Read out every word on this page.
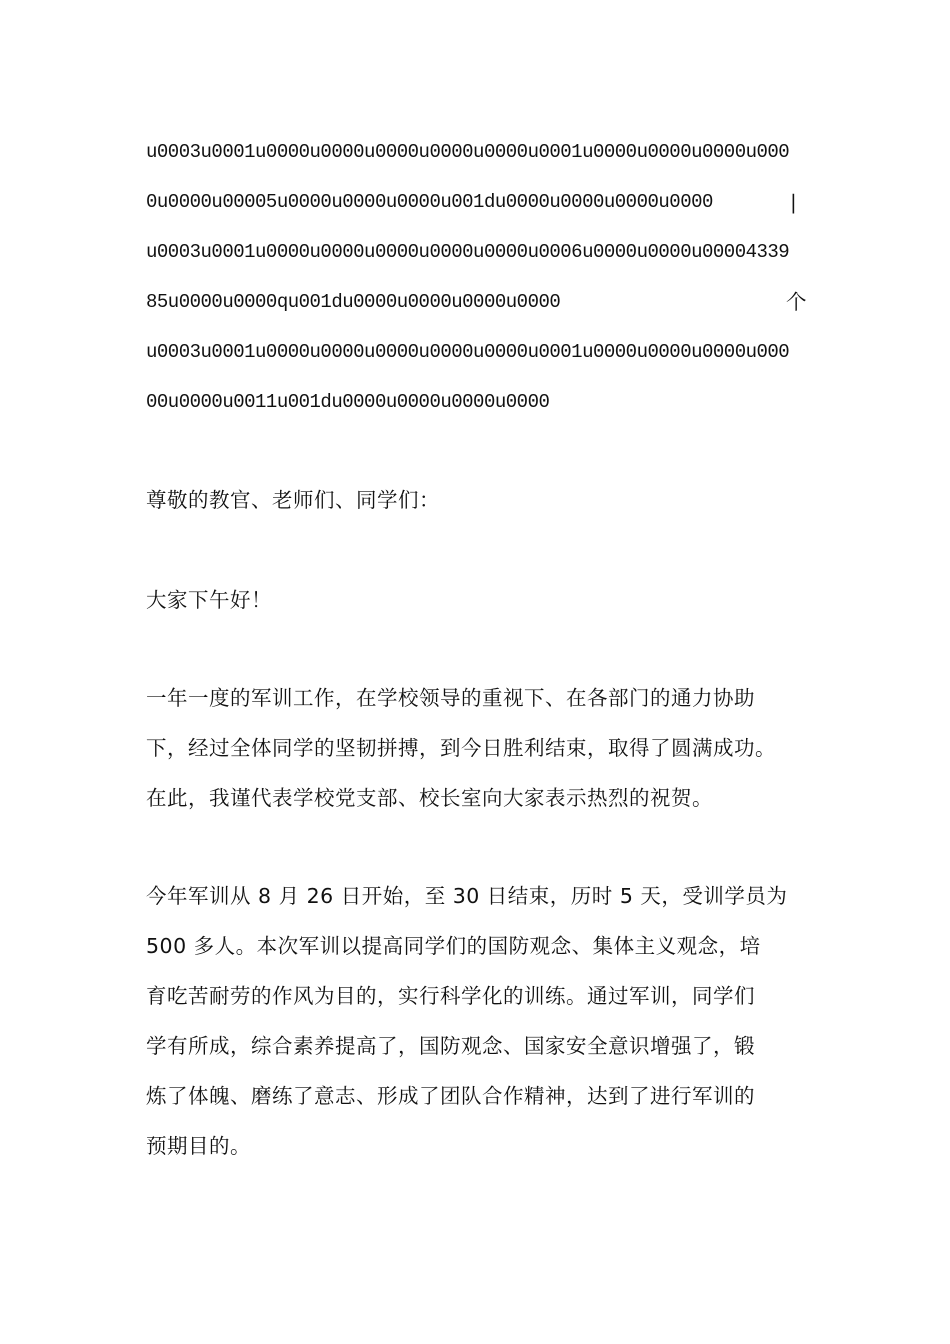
u0003u0001u0000u0000u0000u0000u0000u0001u0000u0000u0000u000
0u0000u00005u0000u0000u0000u001du0000u0000u0000u0000	|
u0003u0001u0000u0000u0000u0000u0000u0006u0000u0000u00004339
85u0000u0000qu001du0000u0000u0000u0000	个
u0003u0001u0000u0000u0000u0000u0000u0001u0000u0000u0000u000
00u0000u0011u001du0000u0000u0000u0000
尊敬的教官、老师们、同学们：
大家下午好！
一年一度的军训工作，在学校领导的重视下、在各部门的通力协助
下，经过全体同学的坚韧拼搏，到今日胜利结束，取得了圆满成功。
在此，我谨代表学校党支部、校长室向大家表示热烈的祝贺。
今年军训从 8 月 26 日开始，至 30 日结束，历时 5 天，受训学员为
500 多人。本次军训以提高同学们的国防观念、集体主义观念，培
育吃苦耐劳的作风为目的，实行科学化的训练。通过军训，同学们
学有所成，综合素养提高了，国防观念、国家安全意识增强了，锻
炼了体魄、磨练了意志、形成了团队合作精神，达到了进行军训的
预期目的。
